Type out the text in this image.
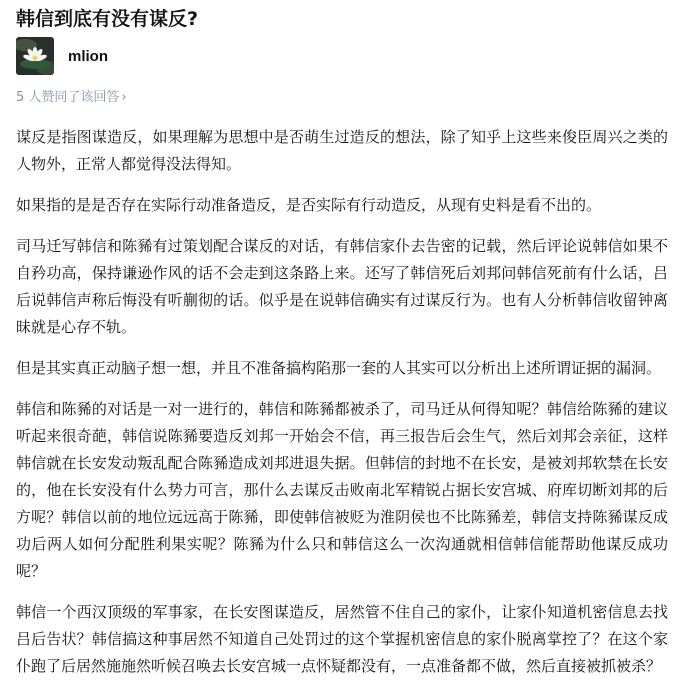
韩信到底有没有谋反?
mlion
5 人赞同了该回答 ›

谋反是指图谋造反，如果理解为思想中是否萌生过造反的想法，除了知乎上这些来俊臣周兴之类的人物外，正常人都觉得没法得知。

如果指的是是否存在实际行动准备造反，是否实际有行动造反，从现有史料是看不出的。

司马迁写韩信和陈豨有过策划配合谋反的对话，有韩信家仆去告密的记载，然后评论说韩信如果不自矜功高，保持谦逊作风的话不会走到这条路上来。还写了韩信死后刘邦问韩信死前有什么话，吕后说韩信声称后悔没有听蒯彻的话。似乎是在说韩信确实有过谋反行为。也有人分析韩信收留钟离昧就是心存不轨。

但是其实真正动脑子想一想，并且不准备搞构陷那一套的人其实可以分析出上述所谓证据的漏洞。

韩信和陈豨的对话是一对一进行的，韩信和陈豨都被杀了，司马迁从何得知呢？韩信给陈豨的建议听起来很奇葩，韩信说陈豨要造反刘邦一开始会不信，再三报告后会生气，然后刘邦会亲征，这样韩信就在长安发动叛乱配合陈豨造成刘邦进退失据。但韩信的封地不在长安，是被刘邦软禁在长安的，他在长安没有什么势力可言，那什么去谋反击败南北军精锐占据长安宫城、府库切断刘邦的后方呢？韩信以前的地位远远高于陈豨，即使韩信被贬为淮阴侯也不比陈豨差，韩信支持陈豨谋反成功后两人如何分配胜利果实呢？陈豨为什么只和韩信这么一次沟通就相信韩信能帮助他谋反成功呢？

韩信一个西汉顶级的军事家，在长安图谋造反，居然管不住自己的家仆，让家仆知道机密信息去找吕后告状？韩信搞这种事居然不知道自己处罚过的这个掌握机密信息的家仆脱离掌控了？在这个家仆跑了后居然施施然听候召唤去长安宫城一点怀疑都没有，一点准备都不做，然后直接被抓被杀？
